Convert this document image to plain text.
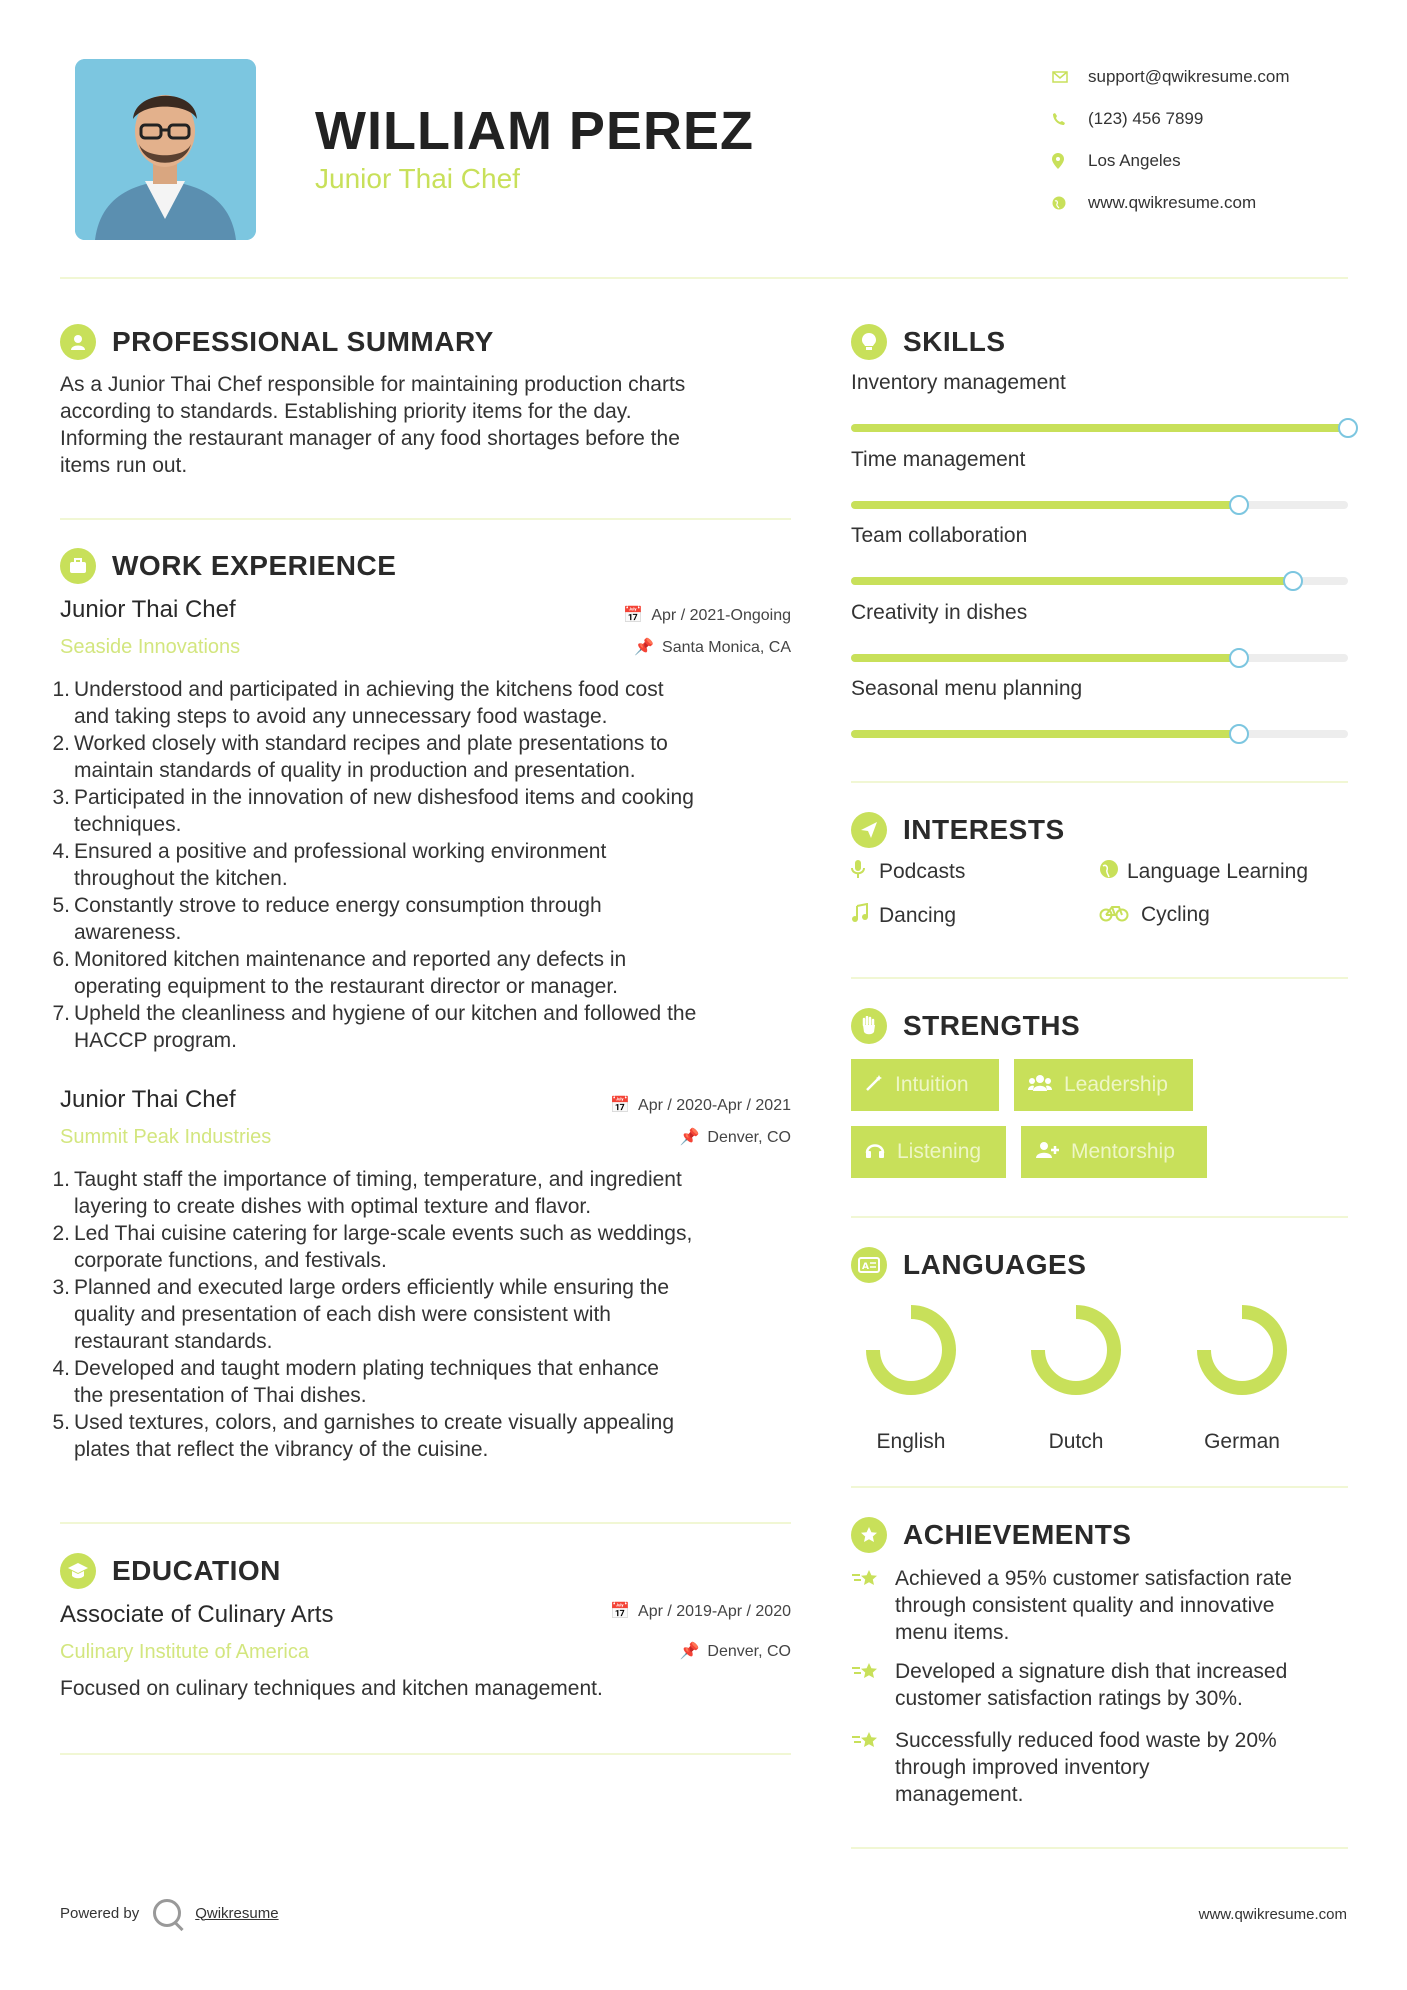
WILLIAM PEREZ
Junior Thai Chef
support@qwikresume.com
(123) 456 7899
Los Angeles
www.qwikresume.com
PROFESSIONAL SUMMARY
As a Junior Thai Chef responsible for maintaining production charts
according to standards. Establishing priority items for the day.
Informing the restaurant manager of any food shortages before the
items run out.
WORK EXPERIENCE
Junior Thai Chef
Seaside Innovations
📅 Apr / 2021-Ongoing
📌 Santa Monica, CA
1. Understood and participated in achieving the kitchens food cost
and taking steps to avoid any unnecessary food wastage.
2. Worked closely with standard recipes and plate presentations to
maintain standards of quality in production and presentation.
3. Participated in the innovation of new dishesfood items and cooking
techniques.
4. Ensured a positive and professional working environment
throughout the kitchen.
5. Constantly strove to reduce energy consumption through
awareness.
6. Monitored kitchen maintenance and reported any defects in
operating equipment to the restaurant director or manager.
7. Upheld the cleanliness and hygiene of our kitchen and followed the
HACCP program.
Junior Thai Chef
Summit Peak Industries
📅 Apr / 2020-Apr / 2021
📌 Denver, CO
1. Taught staff the importance of timing, temperature, and ingredient
layering to create dishes with optimal texture and flavor.
2. Led Thai cuisine catering for large-scale events such as weddings,
corporate functions, and festivals.
3. Planned and executed large orders efficiently while ensuring the
quality and presentation of each dish were consistent with
restaurant standards.
4. Developed and taught modern plating techniques that enhance
the presentation of Thai dishes.
5. Used textures, colors, and garnishes to create visually appealing
plates that reflect the vibrancy of the cuisine.
EDUCATION
Associate of Culinary Arts
Culinary Institute of America
📅 Apr / 2019-Apr / 2020
📌 Denver, CO
Focused on culinary techniques and kitchen management.
SKILLS
Inventory management
Time management
Team collaboration
Creativity in dishes
Seasonal menu planning
INTERESTS
Podcasts	Language Learning
Dancing	Cycling
STRENGTHS
Intuition	Leadership
Listening	Mentorship
A LANGUAGES
English	Dutch	German
ACHIEVEMENTS
Achieved a 95% customer satisfaction rate
through consistent quality and innovative
menu items.
Developed a signature dish that increased
customer satisfaction ratings by 30%.
Successfully reduced food waste by 20%
through improved inventory
management.
Powered by	Qwikresume	www.qwikresume.com
